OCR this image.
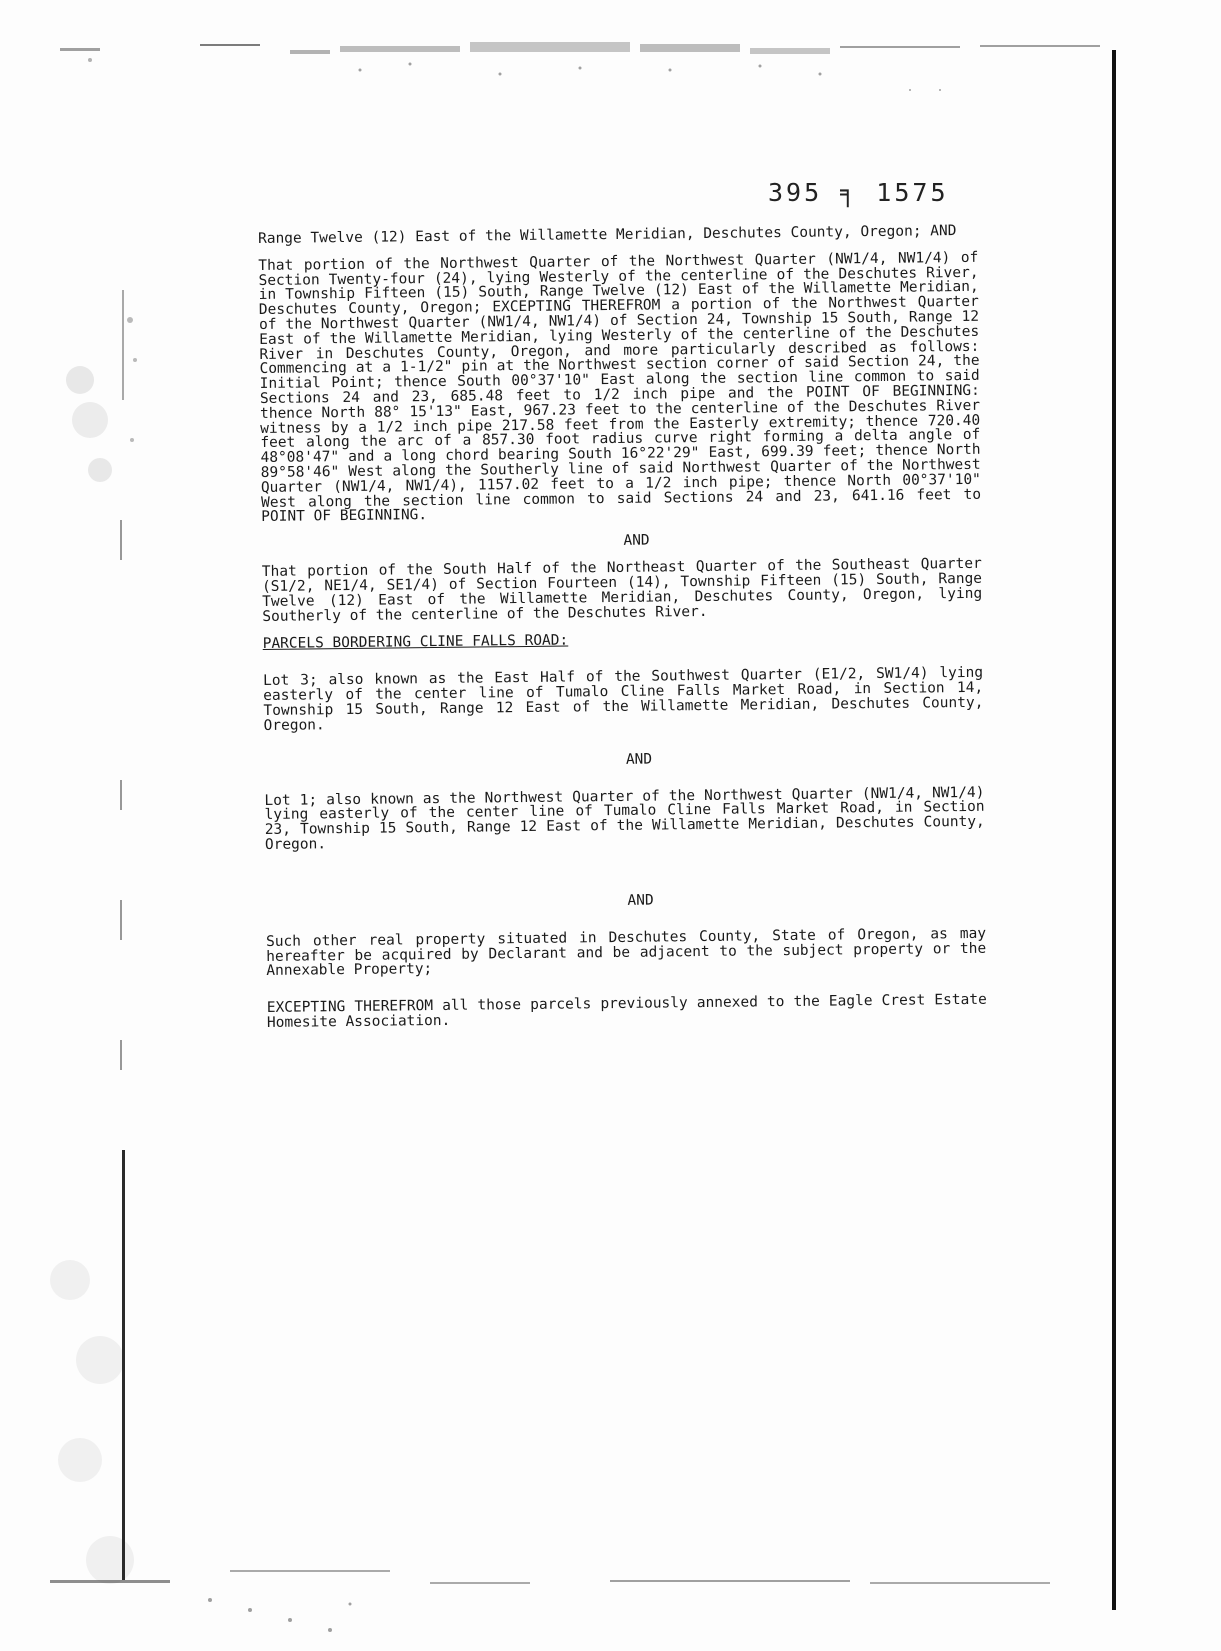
395 ╕ 1575

Range Twelve (12) East of the Willamette Meridian, Deschutes County, Oregon; AND

That portion of the Northwest Quarter of the Northwest Quarter (NW1/4, NW1/4) of Section Twenty-four (24), lying Westerly of the centerline of the Deschutes River, in Township Fifteen (15) South, Range Twelve (12) East of the Willamette Meridian, Deschutes County, Oregon; EXCEPTING THEREFROM a portion of the Northwest Quarter of the Northwest Quarter (NW1/4, NW1/4) of Section 24, Township 15 South, Range 12 East of the Willamette Meridian, lying Westerly of the centerline of the Deschutes River in Deschutes County, Oregon, and more particularly described as follows: Commencing at a 1-1/2" pin at the Northwest section corner of said Section 24, the Initial Point; thence South 00°37'10" East along the section line common to said Sections 24 and 23, 685.48 feet to 1/2 inch pipe and the POINT OF BEGINNING: thence North 88° 15'13" East, 967.23 feet to the centerline of the Deschutes River witness by a 1/2 inch pipe 217.58 feet from the Easterly extremity; thence 720.40 feet along the arc of a 857.30 foot radius curve right forming a delta angle of 48°08'47" and a long chord bearing South 16°22'29" East, 699.39 feet; thence North 89°58'46" West along the Southerly line of said Northwest Quarter of the Northwest Quarter (NW1/4, NW1/4), 1157.02 feet to a 1/2 inch pipe; thence North 00°37'10" West along the section line common to said Sections 24 and 23, 641.16 feet to POINT OF BEGINNING.

AND

That portion of the South Half of the Northeast Quarter of the Southeast Quarter (S1/2, NE1/4, SE1/4) of Section Fourteen (14), Township Fifteen (15) South, Range Twelve (12) East of the Willamette Meridian, Deschutes County, Oregon, lying Southerly of the centerline of the Deschutes River.

PARCELS BORDERING CLINE FALLS ROAD:

Lot 3; also known as the East Half of the Southwest Quarter (E1/2, SW1/4) lying easterly of the center line of Tumalo Cline Falls Market Road, in Section 14, Township 15 South, Range 12 East of the Willamette Meridian, Deschutes County, Oregon.

AND

Lot 1; also known as the Northwest Quarter of the Northwest Quarter (NW1/4, NW1/4) lying easterly of the center line of Tumalo Cline Falls Market Road, in Section 23, Township 15 South, Range 12 East of the Willamette Meridian, Deschutes County, Oregon.

AND

Such other real property situated in Deschutes County, State of Oregon, as may hereafter be acquired by Declarant and be adjacent to the subject property or the Annexable Property;

EXCEPTING THEREFROM all those parcels previously annexed to the Eagle Crest Estate Homesite Association.
